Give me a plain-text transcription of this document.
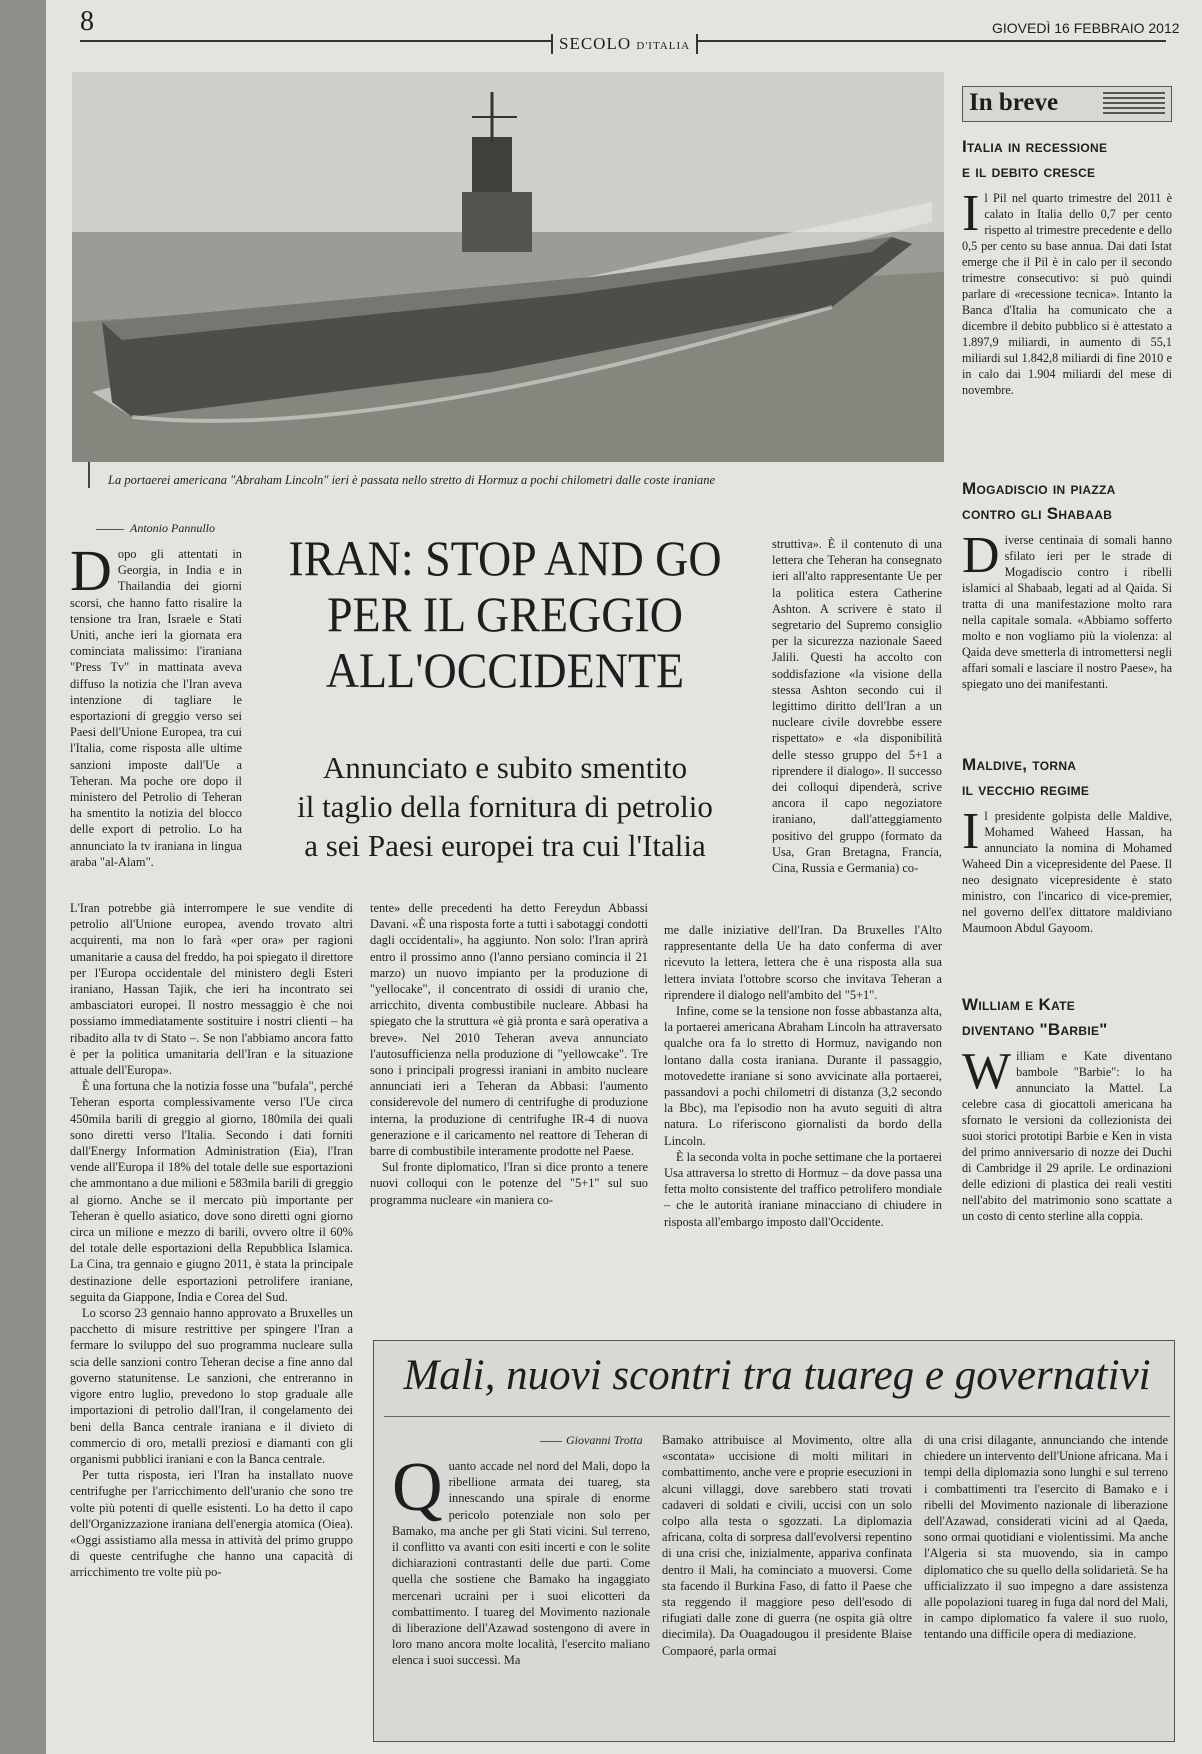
8
SECOLO D'ITALIA
GIOVEDÌ 16 FEBBRAIO 2012
La portaerei americana "Abraham Lincoln" ieri è passata nello stretto di Hormuz a pochi chilometri dalle coste iraniane
Antonio Pannullo
D opo gli attentati in Georgia, in India e in Thailandia dei giorni scorsi, che hanno fatto risalire la tensione tra Iran, Israele e Stati Uniti, anche ieri la giornata era cominciata malissimo: l'iraniana "Press Tv" in mattinata aveva diffuso la notizia che l'Iran aveva intenzione di tagliare le esportazioni di greggio verso sei Paesi dell'Unione Europea, tra cui l'Italia, come risposta alle ultime sanzioni imposte dall'Ue a Teheran. Ma poche ore dopo il ministero del Petrolio di Teheran ha smentito la notizia del blocco delle export di petrolio. Lo ha annunciato la tv iraniana in lingua araba "al-Alam".
IRAN: STOP AND GO
PER IL GREGGIO
ALL'OCCIDENTE
Annunciato e subito smentito
il taglio della fornitura di petrolio
a sei Paesi europei tra cui l'Italia

L'Iran potrebbe già interrompere le sue vendite di petrolio all'Unione europea, avendo trovato altri acquirenti, ma non lo farà «per ora» per ragioni umanitarie a causa del freddo, ha poi spiegato il direttore per l'Europa occidentale del ministero degli Esteri iraniano, Hassan Tajik, che ieri ha incontrato sei ambasciatori europei. Il nostro messaggio è che noi possiamo immediatamente sostituire i nostri clienti – ha ribadito alla tv di Stato –. Se non l'abbiamo ancora fatto è per la politica umanitaria dell'Iran e la situazione attuale dell'Europa».

È una fortuna che la notizia fosse una "bufala", perché Teheran esporta complessivamente verso l'Ue circa 450mila barili di greggio al giorno, 180mila dei quali sono diretti verso l'Italia. Secondo i dati forniti dall'Energy Information Administration (Eia), l'Iran vende all'Europa il 18% del totale delle sue esportazioni che ammontano a due milioni e 583mila barili di greggio al giorno. Anche se il mercato più importante per Teheran è quello asiatico, dove sono diretti ogni giorno circa un milione e mezzo di barili, ovvero oltre il 60% del totale delle esportazioni della Repubblica Islamica. La Cina, tra gennaio e giugno 2011, è stata la principale destinazione delle esportazioni petrolifere iraniane, seguita da Giappone, India e Corea del Sud.

Lo scorso 23 gennaio hanno approvato a Bruxelles un pacchetto di misure restrittive per spingere l'Iran a fermare lo sviluppo del suo programma nucleare sulla scia delle sanzioni contro Teheran decise a fine anno dal governo statunitense. Le sanzioni, che entreranno in vigore entro luglio, prevedono lo stop graduale alle importazioni di petrolio dall'Iran, il congelamento dei beni della Banca centrale iraniana e il divieto di commercio di oro, metalli preziosi e diamanti con gli organismi pubblici iraniani e con la Banca centrale.

Per tutta risposta, ieri l'Iran ha installato nuove centrifughe per l'arricchimento dell'uranio che sono tre volte più potenti di quelle esistenti. Lo ha detto il capo dell'Organizzazione iraniana dell'energia atomica (Oiea). «Oggi assistiamo alla messa in attività del primo gruppo di queste centrifughe che hanno una capacità di arricchimento tre volte più po-

tente» delle precedenti ha detto Fereydun Abbassi Davani. «È una risposta forte a tutti i sabotaggi condotti dagli occidentali», ha aggiunto. Non solo: l'Iran aprirà entro il prossimo anno (l'anno persiano comincia il 21 marzo) un nuovo impianto per la produzione di "yellocake", il concentrato di ossidi di uranio che, arricchito, diventa combustibile nucleare. Abbasi ha spiegato che la struttura «è già pronta e sarà operativa a breve». Nel 2010 Teheran aveva annunciato l'autosufficienza nella produzione di "yellowcake". Tre sono i principali progressi iraniani in ambito nucleare annunciati ieri a Teheran da Abbasi: l'aumento considerevole del numero di centrifughe di produzione interna, la produzione di centrifughe IR-4 di nuova generazione e il caricamento nel reattore di Teheran di barre di combustibile interamente prodotte nel Paese.

Sul fronte diplomatico, l'Iran si dice pronto a tenere nuovi colloqui con le potenze del "5+1" sul suo programma nucleare «in maniera co-

struttiva». È il contenuto di una lettera che Teheran ha consegnato ieri all'alto rappresentante Ue per la politica estera Catherine Ashton. A scrivere è stato il segretario del Supremo consiglio per la sicurezza nazionale Saeed Jalili. Questi ha accolto con soddisfazione «la visione della stessa Ashton secondo cui il legittimo diritto dell'Iran a un nucleare civile dovrebbe essere rispettato» e «la disponibilità delle stesso gruppo del 5+1 a riprendere il dialogo». Il successo dei colloqui dipenderà, scrive ancora il capo negoziatore iraniano, dall'atteggiamento positivo del gruppo (formato da Usa, Gran Bretagna, Francia, Cina, Russia e Germania) co-

me dalle iniziative dell'Iran. Da Bruxelles l'Alto rappresentante della Ue ha dato conferma di aver ricevuto la lettera, lettera che è una risposta alla sua lettera inviata l'ottobre scorso che invitava Teheran a riprendere il dialogo nell'ambito del "5+1".

Infine, come se la tensione non fosse abbastanza alta, la portaerei americana Abraham Lincoln ha attraversato qualche ora fa lo stretto di Hormuz, navigando non lontano dalla costa iraniana. Durante il passaggio, motovedette iraniane si sono avvicinate alla portaerei, passandovi a pochi chilometri di distanza (3,2 secondo la Bbc), ma l'episodio non ha avuto seguiti di altra natura. Lo riferiscono giornalisti da bordo della Lincoln.

È la seconda volta in poche settimane che la portaerei Usa attraversa lo stretto di Hormuz – da dove passa una fetta molto consistente del traffico petrolifero mondiale – che le autorità iraniane minacciano di chiudere in risposta all'embargo imposto dall'Occidente.

In breve
Italia in recessione
e il debito cresce
I l Pil nel quarto trimestre del 2011 è calato in Italia dello 0,7 per cento rispetto al trimestre precedente e dello 0,5 per cento su base annua. Dai dati Istat emerge che il Pil è in calo per il secondo trimestre consecutivo: si può quindi parlare di «recessione tecnica». Intanto la Banca d'Italia ha comunicato che a dicembre il debito pubblico si è attestato a 1.897,9 miliardi, in aumento di 55,1 miliardi sul 1.842,8 miliardi di fine 2010 e in calo dai 1.904 miliardi del mese di novembre.
Mogadiscio in piazza
contro gli Shabaab
D iverse centinaia di somali hanno sfilato ieri per le strade di Mogadiscio contro i ribelli islamici al Shabaab, legati ad al Qaida. Si tratta di una manifestazione molto rara nella capitale somala. «Abbiamo sofferto molto e non vogliamo più la violenza: al Qaida deve smetterla di intromettersi negli affari somali e lasciare il nostro Paese», ha spiegato uno dei manifestanti.
Maldive, torna
il vecchio regime
I l presidente golpista delle Maldive, Mohamed Waheed Hassan, ha annunciato la nomina di Mohamed Waheed Din a vicepresidente del Paese. Il neo designato vicepresidente è stato ministro, con l'incarico di vice-premier, nel governo dell'ex dittatore maldiviano Maumoon Abdul Gayoom.
William e Kate
diventano "Barbie"
W illiam e Kate diventano bambole "Barbie": lo ha annunciato la Mattel. La celebre casa di giocattoli americana ha sfornato le versioni da collezionista dei suoi storici prototipi Barbie e Ken in vista del primo anniversario di nozze dei Duchi di Cambridge il 29 aprile. Le ordinazioni delle edizioni di plastica dei reali vestiti nell'abito del matrimonio sono scattate a un costo di cento sterline alla coppia.
Mali, nuovi scontri tra tuareg e governativi
Giovanni Trotta
Q uanto accade nel nord del Mali, dopo la ribellione armata dei tuareg, sta innescando una spirale di enorme pericolo potenziale non solo per Bamako, ma anche per gli Stati vicini. Sul terreno, il conflitto va avanti con esiti incerti e con le solite dichiarazioni contrastanti delle due parti. Come quella che sostiene che Bamako ha ingaggiato mercenari ucraini per i suoi elicotteri da combattimento. I tuareg del Movimento nazionale di liberazione dell'Azawad sostengono di avere in loro mano ancora molte località, l'esercito maliano elenca i suoi successi. Ma
Bamako attribuisce al Movimento, oltre alla «scontata» uccisione di molti militari in combattimento, anche vere e proprie esecuzioni in alcuni villaggi, dove sarebbero stati trovati cadaveri di soldati e civili, uccisi con un solo colpo alla testa o sgozzati. La diplomazia africana, colta di sorpresa dall'evolversi repentino di una crisi che, inizialmente, appariva confinata dentro il Mali, ha cominciato a muoversi. Come sta facendo il Burkina Faso, di fatto il Paese che sta reggendo il maggiore peso dell'esodo di rifugiati dalle zone di guerra (ne ospita già oltre diecimila). Da Ouagadougou il presidente Blaise Compaoré, parla ormai
di una crisi dilagante, annunciando che intende chiedere un intervento dell'Unione africana. Ma i tempi della diplomazia sono lunghi e sul terreno i combattimenti tra l'esercito di Bamako e i ribelli del Movimento nazionale di liberazione dell'Azawad, considerati vicini ad al Qaeda, sono ormai quotidiani e violentissimi. Ma anche l'Algeria si sta muovendo, sia in campo diplomatico che su quello della solidarietà. Se ha ufficializzato il suo impegno a dare assistenza alle popolazioni tuareg in fuga dal nord del Mali, in campo diplomatico fa valere il suo ruolo, tentando una difficile opera di mediazione.
